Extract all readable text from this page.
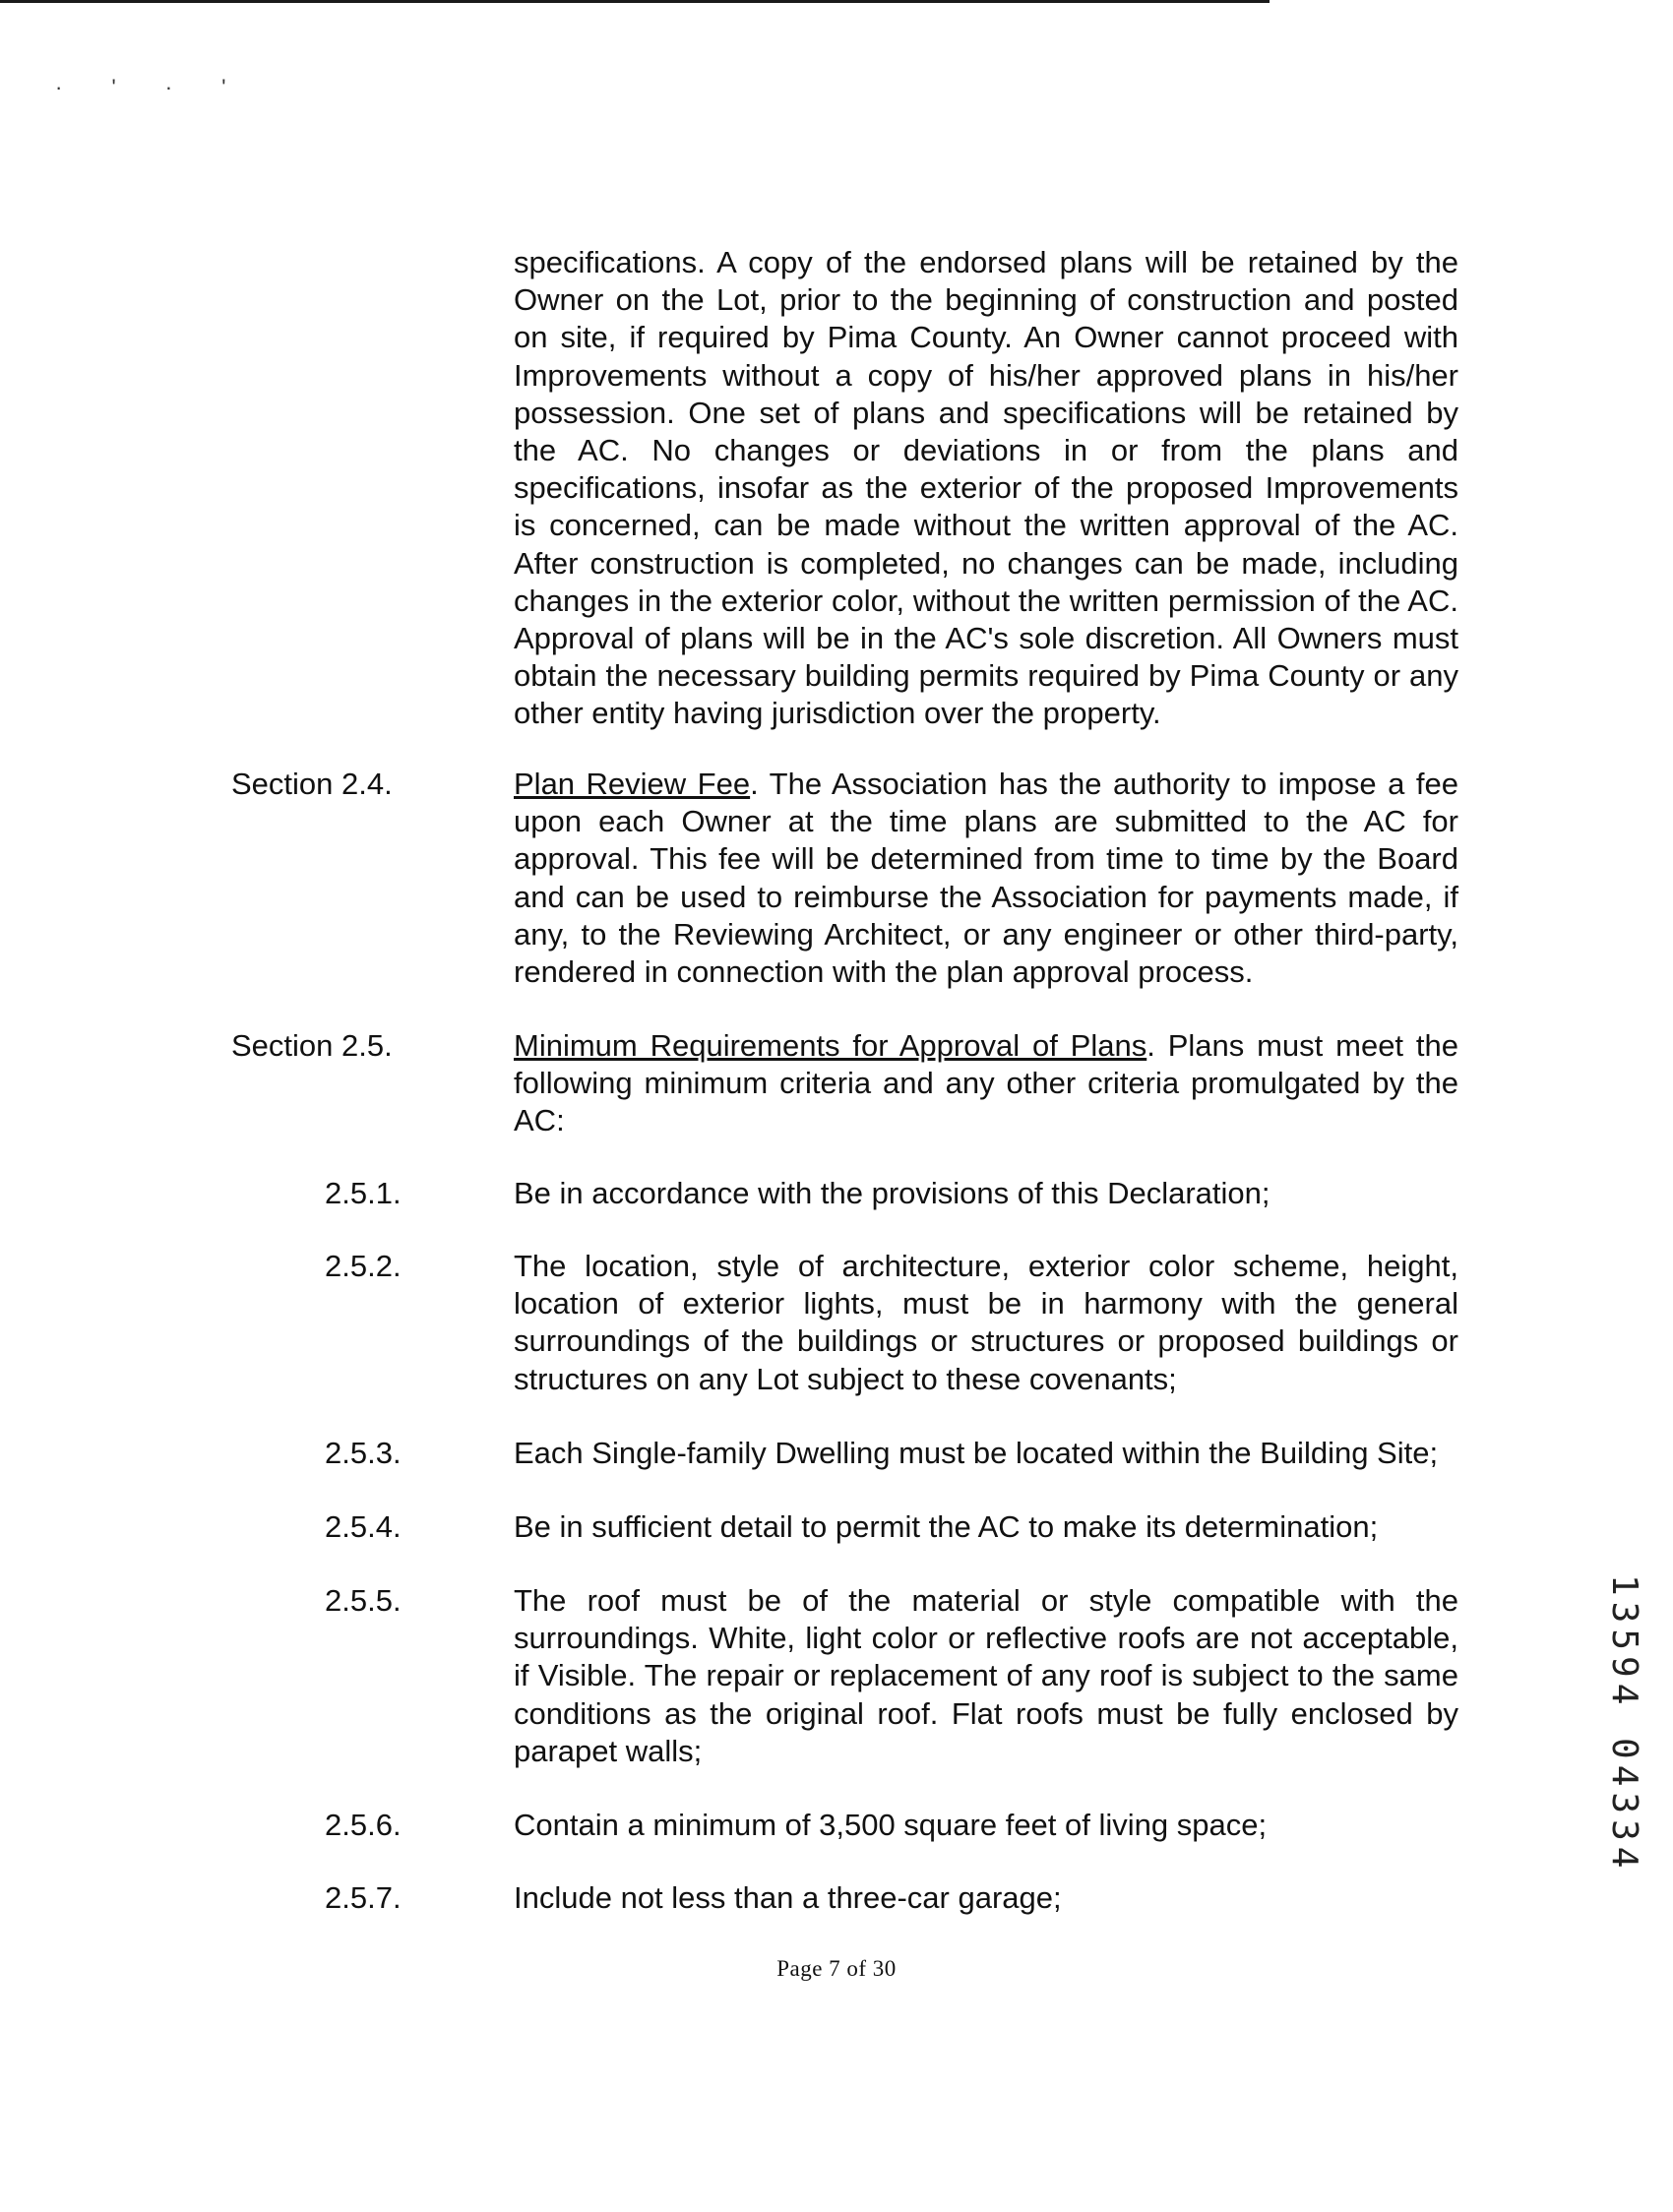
· ' · '
specifications. A copy of the endorsed plans will be retained by the Owner on the Lot, prior to the beginning of construction and posted on site, if required by Pima County. An Owner cannot proceed with Improvements without a copy of his/her approved plans in his/her possession. One set of plans and specifications will be retained by the AC. No changes or deviations in or from the plans and specifications, insofar as the exterior of the proposed Improvements is concerned, can be made without the written approval of the AC. After construction is completed, no changes can be made, including changes in the exterior color, without the written permission of the AC. Approval of plans will be in the AC's sole discretion. All Owners must obtain the necessary building permits required by Pima County or any other entity having jurisdiction over the property.
Section 2.4.	Plan Review Fee. The Association has the authority to impose a fee upon each Owner at the time plans are submitted to the AC for approval. This fee will be determined from time to time by the Board and can be used to reimburse the Association for payments made, if any, to the Reviewing Architect, or any engineer or other third-party, rendered in connection with the plan approval process.
Section 2.5.	Minimum Requirements for Approval of Plans. Plans must meet the following minimum criteria and any other criteria promulgated by the AC:
2.5.1.	Be in accordance with the provisions of this Declaration;
2.5.2.	The location, style of architecture, exterior color scheme, height, location of exterior lights, must be in harmony with the general surroundings of the buildings or structures or proposed buildings or structures on any Lot subject to these covenants;
2.5.3.	Each Single-family Dwelling must be located within the Building Site;
2.5.4.	Be in sufficient detail to permit the AC to make its determination;
2.5.5.	The roof must be of the material or style compatible with the surroundings. White, light color or reflective roofs are not acceptable, if Visible. The repair or replacement of any roof is subject to the same conditions as the original roof. Flat roofs must be fully enclosed by parapet walls;
2.5.6.	Contain a minimum of 3,500 square feet of living space;
2.5.7.	Include not less than a three-car garage;
13594 04334
Page 7 of 30
